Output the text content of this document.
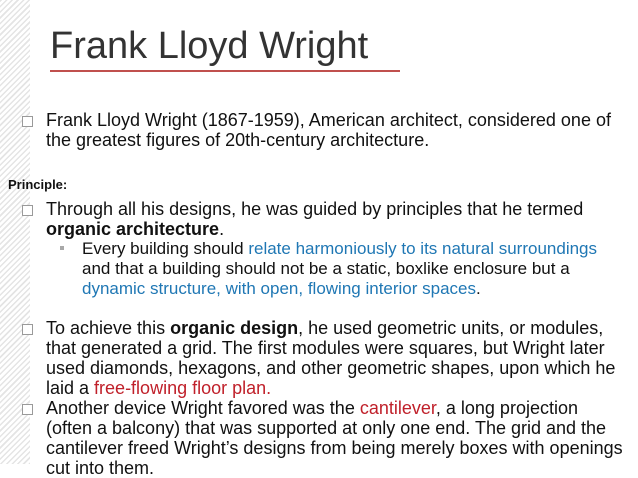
Frank Lloyd Wright
Frank Lloyd Wright (1867-1959), American architect, considered one of the greatest figures of 20th-century architecture.
Principle:
Through all his designs, he was guided by principles that he termed organic architecture.
Every building should relate harmoniously to its natural surroundings and that a building should not be a static, boxlike enclosure but a dynamic structure, with open, flowing interior spaces.
To achieve this organic design, he used geometric units, or modules, that generated a grid. The first modules were squares, but Wright later used diamonds, hexagons, and other geometric shapes, upon which he laid a free-flowing floor plan.
Another device Wright favored was the cantilever, a long projection (often a balcony) that was supported at only one end. The grid and the cantilever freed Wright’s designs from being merely boxes with openings cut into them.
